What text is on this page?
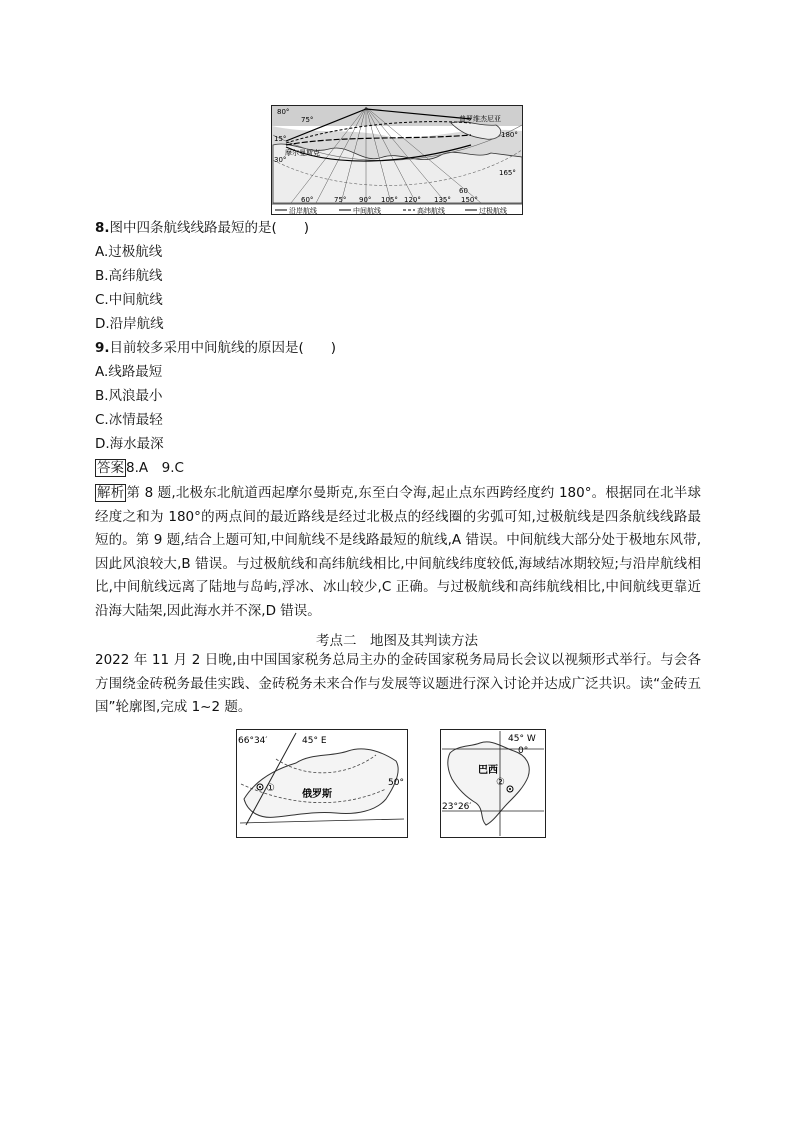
80°
75°
15°
30°
摩尔曼斯克
普罗维杰尼亚
60°	75° 90° 105° 120° 135° 150°
165°
180°
60
沿岸航线	中间航线	高纬航线	过极航线
8.图中四条航线线路最短的是(　　)
A.过极航线
B.高纬航线
C.中间航线
D.沿岸航线
9.目前较多采用中间航线的原因是(　　)
A.线路最短
B.风浪最小
C.冰情最轻
D.海水最深
答案 8.A　9.C
解析 第 8 题,北极东北航道西起摩尔曼斯克,东至白令海,起止点东西跨经度约 180°。根据同在北半球经度之和为 180°的两点间的最近路线是经过北极点的经线圈的劣弧可知,过极航线是四条航线线路最短的。第 9 题,结合上题可知,中间航线不是线路最短的航线,A 错误。中间航线大部分处于极地东风带,因此风浪较大,B 错误。与过极航线和高纬航线相比,中间航线纬度较低,海域结冰期较短;与沿岸航线相比,中间航线远离了陆地与岛屿,浮冰、冰山较少,C 正确。与过极航线和高纬航线相比,中间航线更靠近沿海大陆架,因此海水并不深,D 错误。
考点二　地图及其判读方法
2022 年 11 月 2 日晚,由中国国家税务总局主办的金砖国家税务局局长会议以视频形式举行。与会各方围绕金砖税务最佳实践、金砖税务未来合作与发展等议题进行深入讨论并达成广泛共识。读“金砖五国”轮廓图,完成 1~2 题。
66°34′	45° E
50°
俄罗斯
①
45° W
0°
巴西
②
23°26′
